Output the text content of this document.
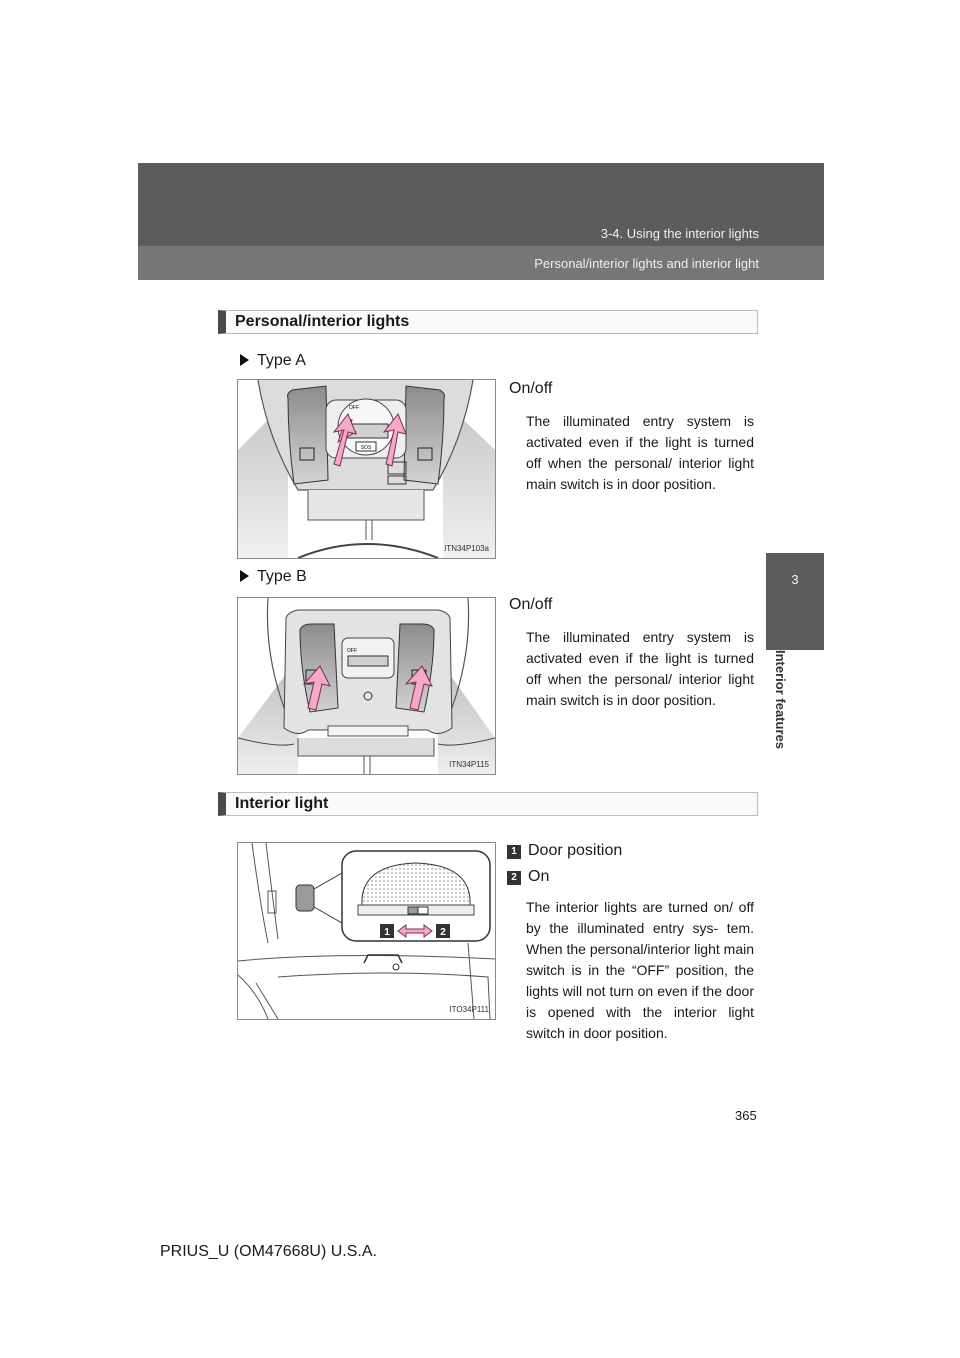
3-4. Using the interior lights
Personal/interior lights and interior light
3
Interior features
Personal/interior lights
Type A
SOS
OFF
ITN34P103a
On/off
The illuminated entry system is activated even if the light is turned off when the personal/ interior light main switch is in door position.
Type B
OFF
ITN34P115
On/off
The illuminated entry system is activated even if the light is turned off when the personal/ interior light main switch is in door position.
Interior light
1	2
ITO34P111
1 Door position
2 On
The interior lights are turned on/ off by the illuminated entry sys- tem. When the personal/interior light main switch is in the “OFF” position, the lights will not turn on even if the door is opened with the interior light switch in door position.
365
PRIUS_U (OM47668U) U.S.A.
